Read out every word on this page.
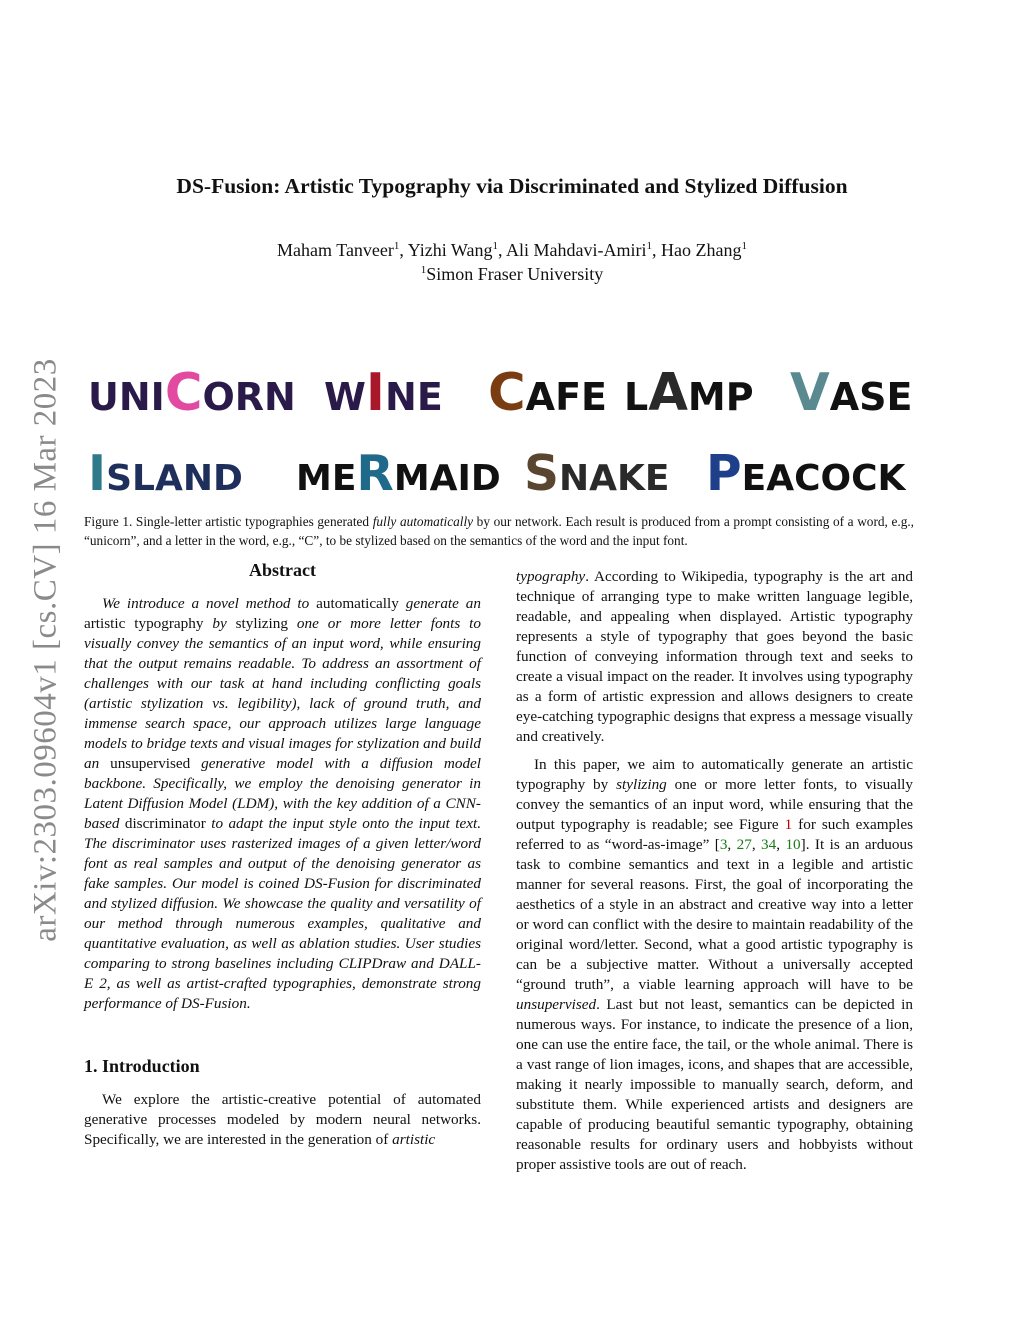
arXiv:2303.09604v1 [cs.CV] 16 Mar 2023
DS-Fusion: Artistic Typography via Discriminated and Stylized Diffusion
Maham Tanveer$^1$, Yizhi Wang$^1$, Ali Mahdavi-Amiri$^1$, Hao Zhang$^1$
$^1$Simon Fraser University
UNICORN WINE CAFE LAMP VASE
ISLAND MERMAID SNAKE PEACOCK
Figure 1. Single-letter artistic typographies generated fully automatically by our network. Each result is produced from a prompt consisting of a word, e.g., “unicorn”, and a letter in the word, e.g., “C”, to be stylized based on the semantics of the word and the input font.
Abstract

We introduce a novel method to automatically generate an artistic typography by stylizing one or more letter fonts to visually convey the semantics of an input word, while ensuring that the output remains readable. To address an assortment of challenges with our task at hand including conflicting goals (artistic stylization vs. legibility), lack of ground truth, and immense search space, our approach utilizes large language models to bridge texts and visual images for stylization and build an unsupervised generative model with a diffusion model backbone. Specifically, we employ the denoising generator in Latent Diffusion Model (LDM), with the key addition of a CNN-based discriminator to adapt the input style onto the input text. The discriminator uses rasterized images of a given letter/word font as real samples and output of the denoising generator as fake samples. Our model is coined DS-Fusion for discriminated and stylized diffusion. We showcase the quality and versatility of our method through numerous examples, qualitative and quantitative evaluation, as well as ablation studies. User studies comparing to strong baselines including CLIPDraw and DALL-E 2, as well as artist-crafted typographies, demonstrate strong performance of DS-Fusion.

1. Introduction

We explore the artistic-creative potential of automated generative processes modeled by modern neural networks. Specifically, we are interested in the generation of artistic

typography. According to Wikipedia, typography is the art and technique of arranging type to make written language legible, readable, and appealing when displayed. Artistic typography represents a style of typography that goes beyond the basic function of conveying information through text and seeks to create a visual impact on the reader. It involves using typography as a form of artistic expression and allows designers to create eye-catching typographic designs that express a message visually and creatively.

In this paper, we aim to automatically generate an artistic typography by stylizing one or more letter fonts, to visually convey the semantics of an input word, while ensuring that the output typography is readable; see Figure 1 for such examples referred to as “word-as-image” [3, 27, 34, 10]. It is an arduous task to combine semantics and text in a legible and artistic manner for several reasons. First, the goal of incorporating the aesthetics of a style in an abstract and creative way into a letter or word can conflict with the desire to maintain readability of the original word/letter. Second, what a good artistic typography is can be a subjective matter. Without a universally accepted “ground truth”, a viable learning approach will have to be unsupervised. Last but not least, semantics can be depicted in numerous ways. For instance, to indicate the presence of a lion, one can use the entire face, the tail, or the whole animal. There is a vast range of lion images, icons, and shapes that are accessible, making it nearly impossible to manually search, deform, and substitute them. While experienced artists and designers are capable of producing beautiful semantic typography, obtaining reasonable results for ordinary users and hobbyists without proper assistive tools are out of reach.
